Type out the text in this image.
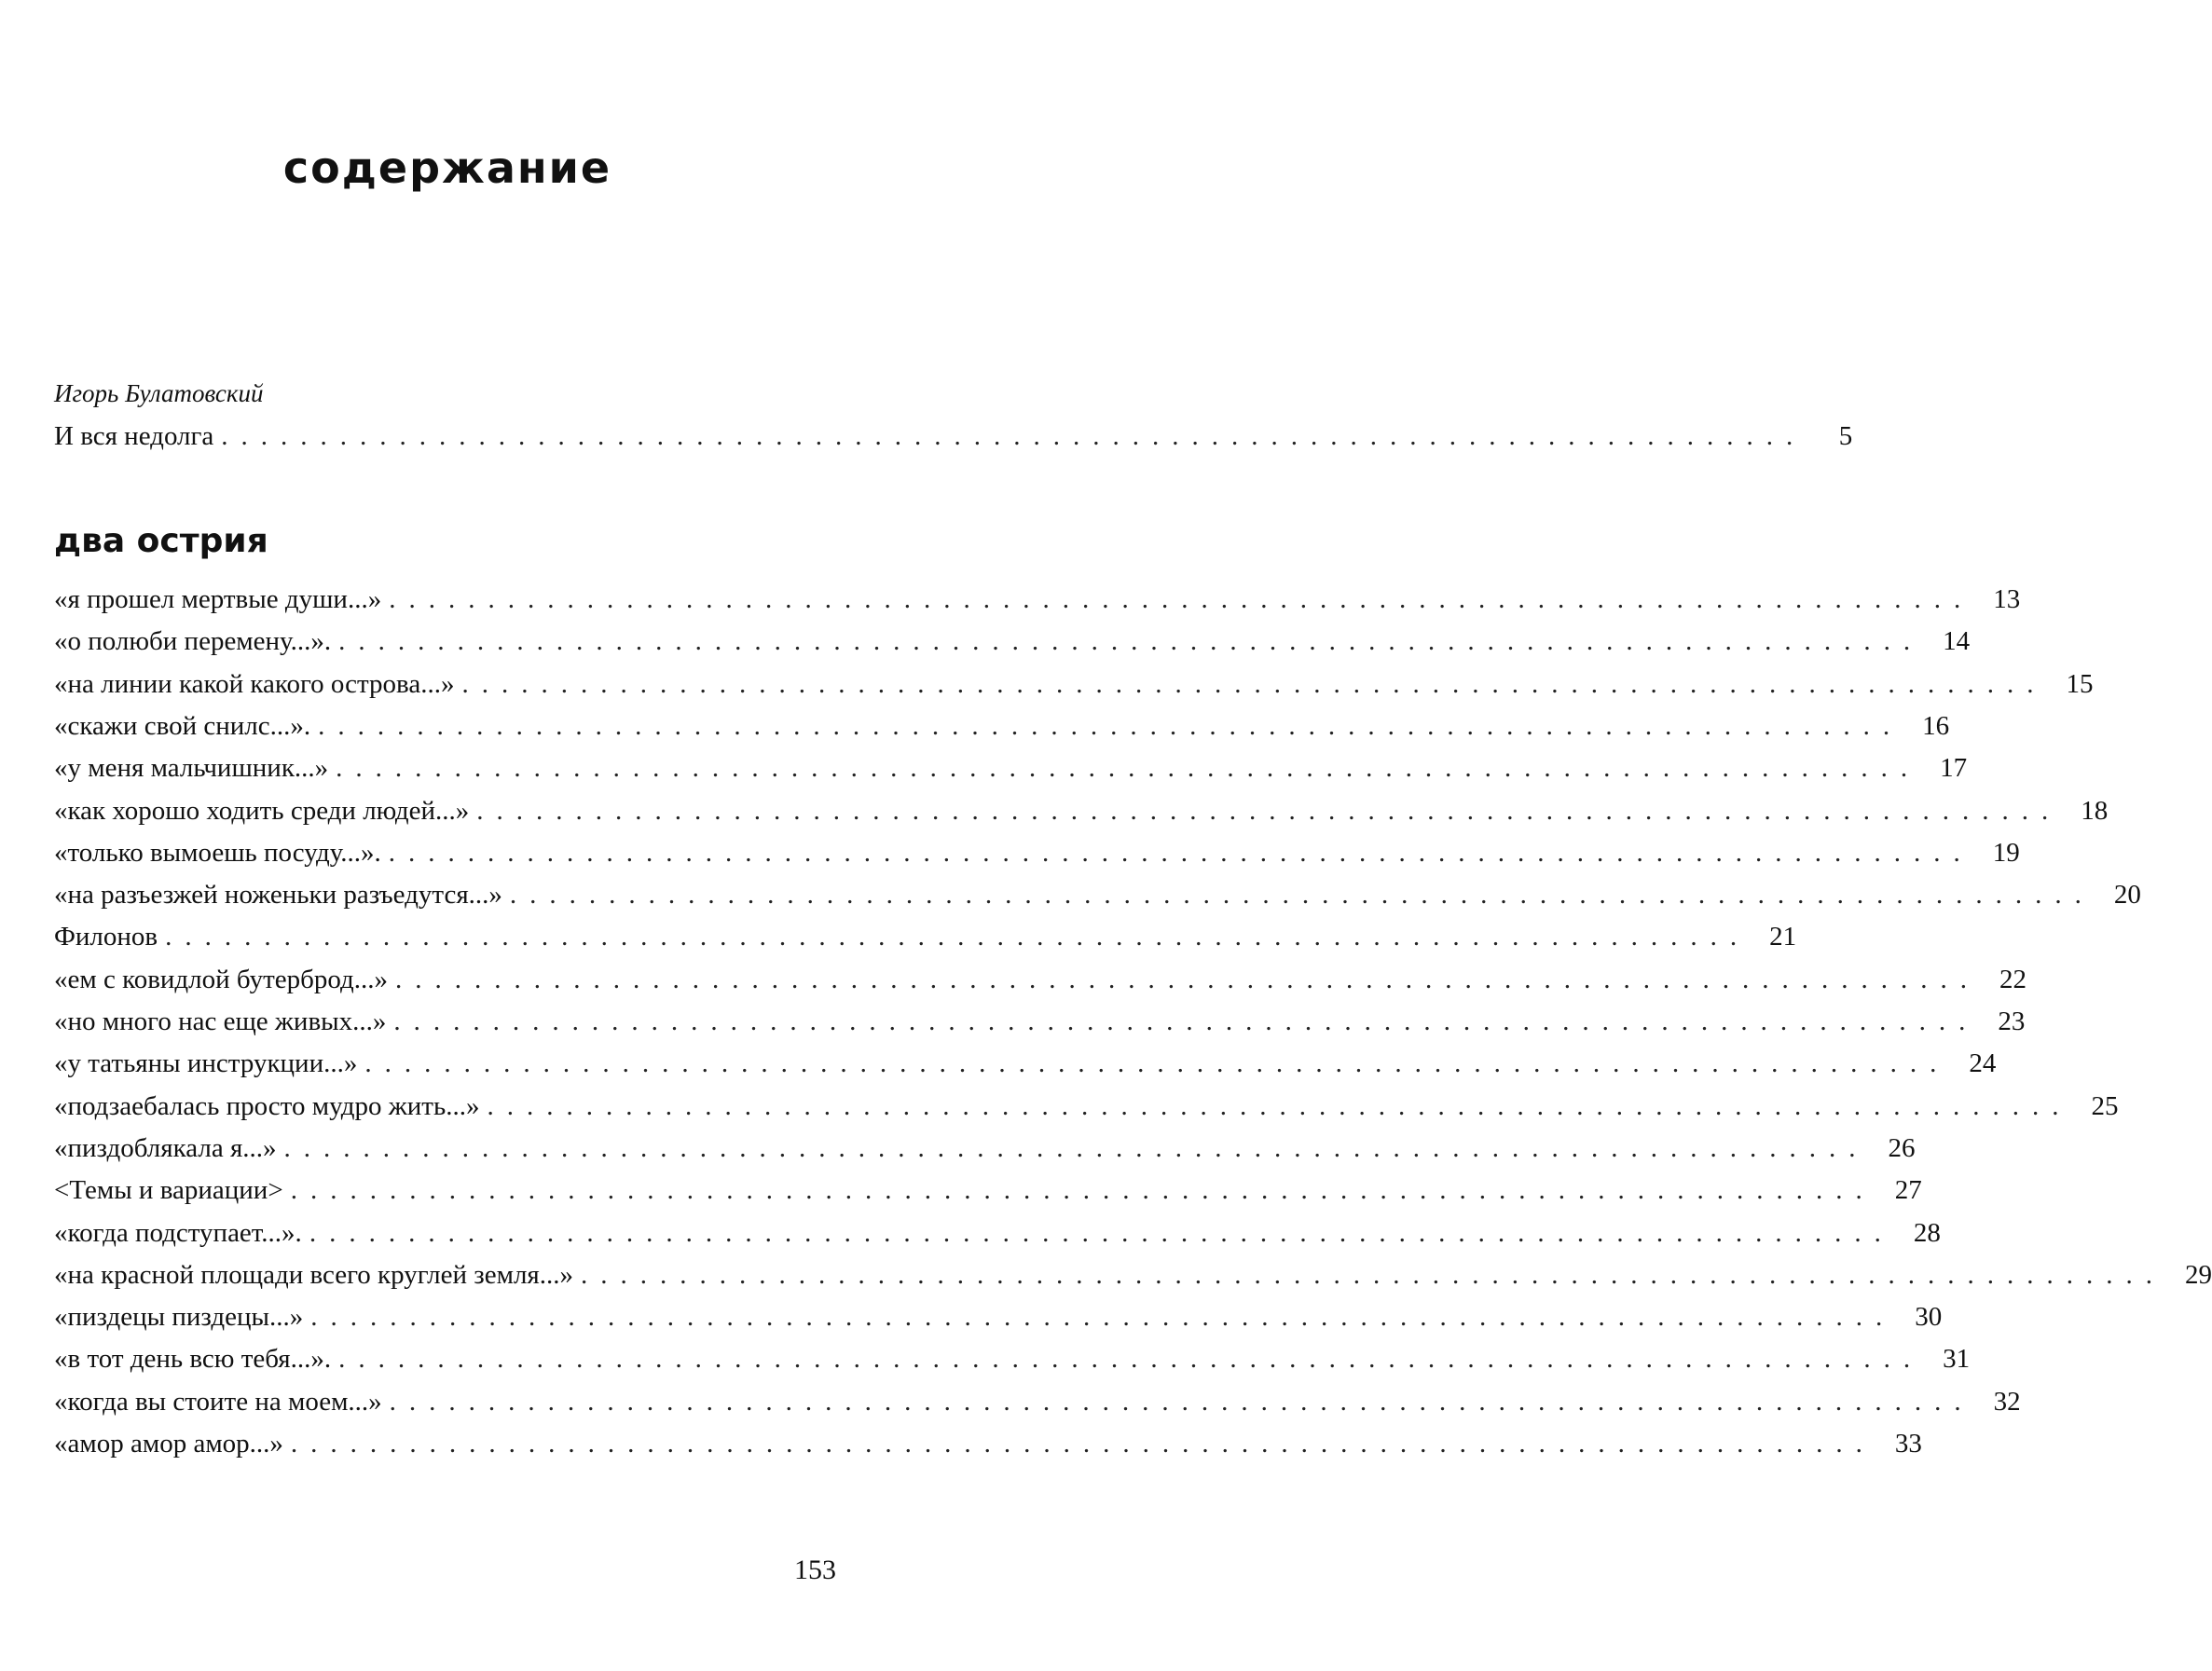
содержание
Игорь Булатовский
И вся недолга ................................................................................	5
два острия
«я прошел мертвые души...» ................................................................................ 13
«о полюби перемену...». ................................................................................ 14
«на линии какой какого острова...» ................................................................................ 15
«скажи свой снилс...». ................................................................................ 16
«у меня мальчишник...» ................................................................................ 17
«как хорошо ходить среди людей...» ................................................................................ 18
«только вымоешь посуду...». ................................................................................ 19
«на разъезжей ноженьки разъедутся...» ................................................................................ 20
Филонов ................................................................................ 21
«ем с ковидлой бутерброд...» ................................................................................ 22
«но много нас еще живых...» ................................................................................ 23
«у татьяны инструкции...» ................................................................................ 24
«подзаебалась просто мудро жить...» ................................................................................ 25
«пиздоблякала я...» ................................................................................ 26
<Темы и вариации> ................................................................................ 27
«когда подступает...». ................................................................................ 28
«на красной площади всего круглей земля...» ................................................................................ 29
«пиздецы пиздецы...» ................................................................................ 30
«в тот день всю тебя...». ................................................................................ 31
«когда вы стоите на моем...» ................................................................................ 32
«амор амор амор...» ................................................................................ 33
153
